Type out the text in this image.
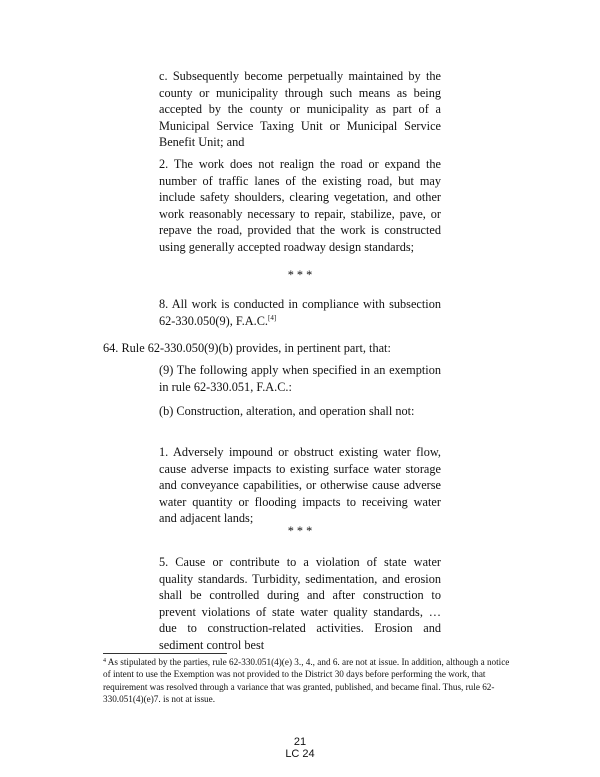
c. Subsequently become perpetually maintained by the county or municipality through such means as being accepted by the county or municipality as part of a Municipal Service Taxing Unit or Municipal Service Benefit Unit; and
2. The work does not realign the road or expand the number of traffic lanes of the existing road, but may include safety shoulders, clearing vegetation, and other work reasonably necessary to repair, stabilize, pave, or repave the road, provided that the work is constructed using generally accepted roadway design standards;
* * *
8. All work is conducted in compliance with subsection 62-330.050(9), F.A.C.[4]
64. Rule 62-330.050(9)(b) provides, in pertinent part, that:
(9) The following apply when specified in an exemption in rule 62-330.051, F.A.C.:
(b) Construction, alteration, and operation shall not:
1. Adversely impound or obstruct existing water flow, cause adverse impacts to existing surface water storage and conveyance capabilities, or otherwise cause adverse water quantity or flooding impacts to receiving water and adjacent lands;
* * *
5. Cause or contribute to a violation of state water quality standards. Turbidity, sedimentation, and erosion shall be controlled during and after construction to prevent violations of state water quality standards, … due to construction-related activities. Erosion and sediment control best
$^4$ As stipulated by the parties, rule 62-330.051(4)(e) 3., 4., and 6. are not at issue. In addition, although a notice of intent to use the Exemption was not provided to the District 30 days before performing the work, that requirement was resolved through a variance that was granted, published, and became final. Thus, rule 62-330.051(4)(e)7. is not at issue.
21
LC 24
